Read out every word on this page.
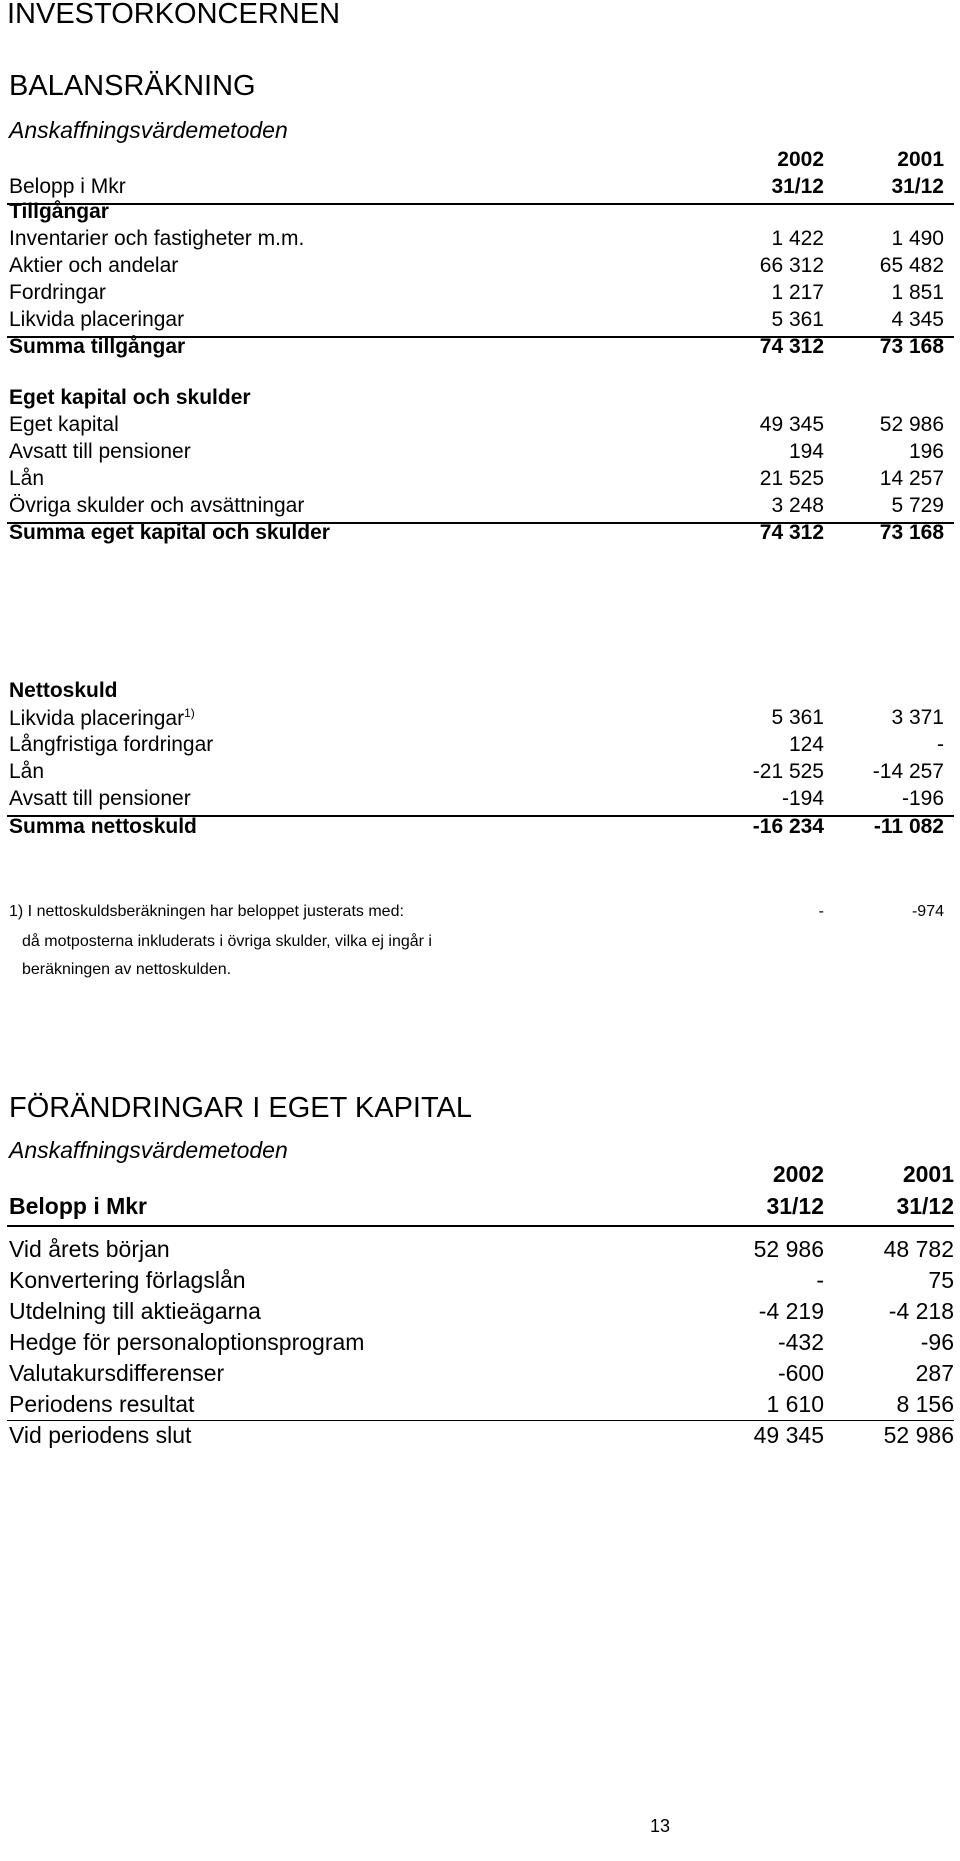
INVESTORKONCERNEN
BALANSRÄKNING
Anskaffningsvärdemetoden
2002	2001
Belopp i Mkr	31/12	31/12
Tillgångar
Inventarier och fastigheter m.m.	1 422	1 490
Aktier och andelar	66 312	65 482
Fordringar	1 217	1 851
Likvida placeringar	5 361	4 345
Summa tillgångar	74 312	73 168
Eget kapital och skulder
Eget kapital	49 345	52 986
Avsatt till pensioner	194	196
Lån	21 525	14 257
Övriga skulder och avsättningar	3 248	5 729
Summa eget kapital och skulder	74 312	73 168
Nettoskuld
Likvida placeringar$^{1)}$	5 361	3 371
Långfristiga fordringar	124	-
Lån	-21 525	-14 257
Avsatt till pensioner	-194	-196
Summa nettoskuld	-16 234	-11 082
1) I nettoskuldsberäkningen har beloppet justerats med:	-	-974
då motposterna inkluderats i övriga skulder, vilka ej ingår i
beräkningen av nettoskulden.
FÖRÄNDRINGAR I EGET KAPITAL
Anskaffningsvärdemetoden
2002	2001
Belopp i Mkr	31/12	31/12
Vid årets början	52 986	48 782
Konvertering förlagslån	-	75
Utdelning till aktieägarna	-4 219	-4 218
Hedge för personaloptionsprogram	-432	-96
Valutakursdifferenser	-600	287
Periodens resultat	1 610	8 156
Vid periodens slut	49 345	52 986
13
